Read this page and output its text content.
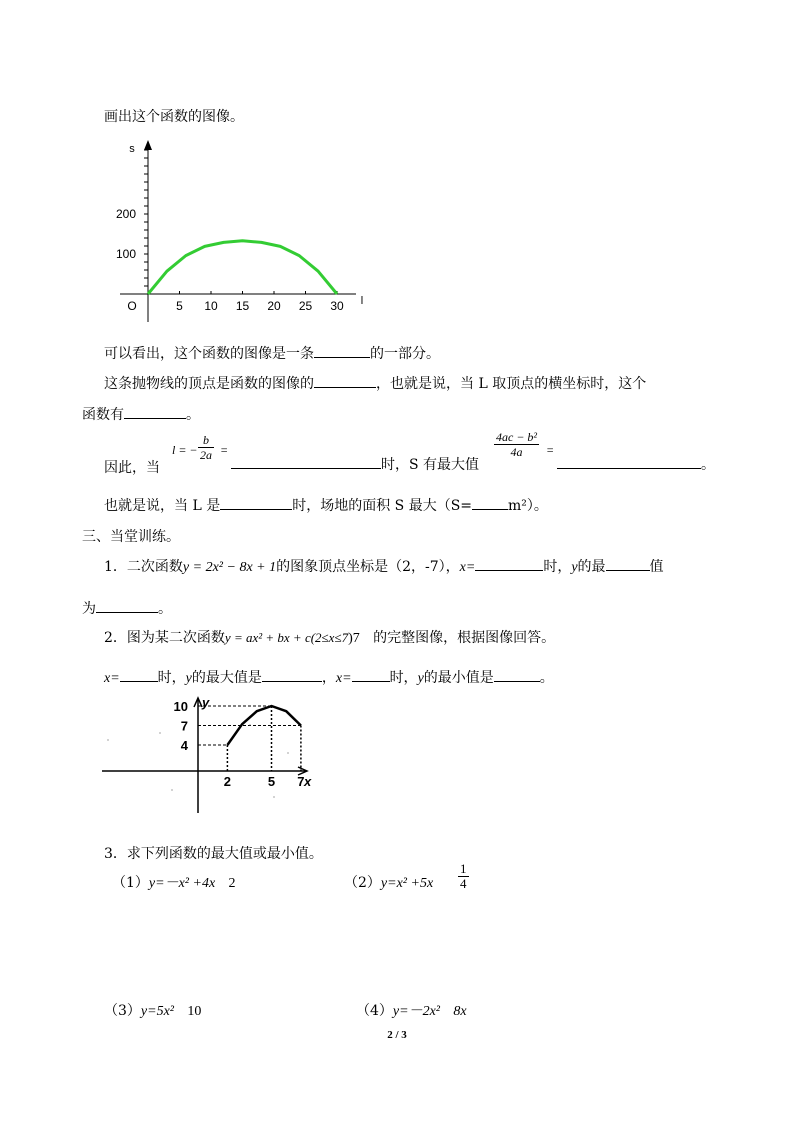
画出这个函数的图像。
5 10 15 20 25 30
100
200
O
s
l
可以看出，这个函数的图像是一条	的一部分。
这条抛物线的顶点是函数的图像的	，也就是说，当 L 取顶点的横坐标时，这个
函数有	。
因此，当
l = − $\frac{b}{2a}$ =
时，S 有最大值
$\frac{\text{4ac − b²}}{4a}$ =
。
也就是说，当 L 是	时，场地的面积 S 最大（S=	m²）。
三、当堂训练。
1．二次函数y = 2x² − 8x + 1的图象顶点坐标是（2，-7），x=	时，y的最	值
为	。
2．图为某二次函数y = ax² + bx + c(2≤x≤7)7 的完整图像，根据图像回答。
x=	时，y的最大值是	，x=	时，y的最小值是	。
y
x
4
7
10
2	5 7
3．求下列函数的最大值或最小值。
（1）y=－x² +4x 2	$(2)y=x^2 +5x \frac{1}{4}$
（3）y=5x² 10	（4）y=－2x² 8x
2 / 3
